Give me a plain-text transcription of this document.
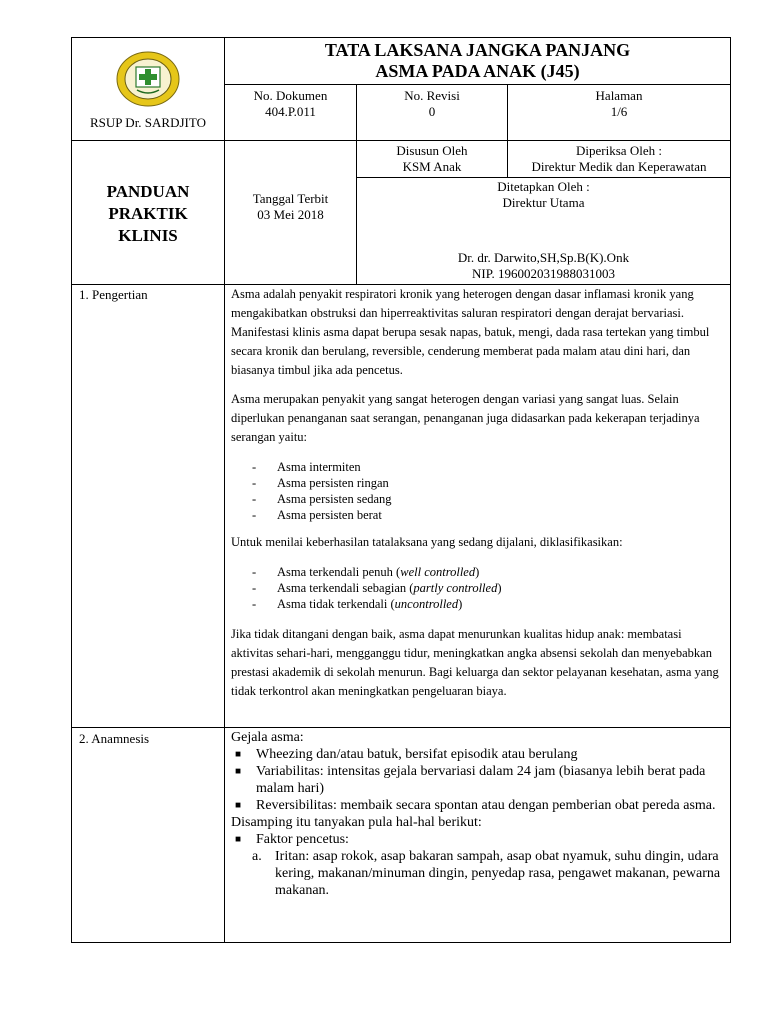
RSUP Dr. SARDJITO
TATA LAKSANA JANGKA PANJANG
ASMA PADA ANAK (J45)
No. Dokumen
404.P.011
No. Revisi
0
Halaman
1/6
PANDUAN
PRAKTIK
KLINIS
Tanggal Terbit
03 Mei 2018
Disusun Oleh
KSM Anak
Diperiksa Oleh :
Direktur Medik dan Keperawatan
Ditetapkan Oleh :
Direktur Utama
Dr. dr. Darwito,SH,Sp.B(K).Onk
NIP. 196002031988031003
1. Pengertian	Asma adalah penyakit respiratori kronik yang heterogen dengan dasar inflamasi kronik yang mengakibatkan obstruksi dan hiperreaktivitas saluran respiratori dengan derajat bervariasi. Manifestasi klinis asma dapat berupa sesak napas, batuk, mengi, dada rasa tertekan yang timbul secara kronik dan berulang, reversible, cenderung memberat pada malam atau dini hari, dan biasanya timbul jika ada pencetus.

Asma merupakan penyakit yang sangat heterogen dengan variasi yang sangat luas. Selain diperlukan penanganan saat serangan, penanganan juga didasarkan pada kekerapan terjadinya serangan yaitu:

- Asma intermiten
- Asma persisten ringan
- Asma persisten sedang
- Asma persisten berat

Untuk menilai keberhasilan tatalaksana yang sedang dijalani, diklasifikasikan:

- Asma terkendali penuh (well controlled)
- Asma terkendali sebagian (partly controlled)
- Asma tidak terkendali (uncontrolled)

Jika tidak ditangani dengan baik, asma dapat menurunkan kualitas hidup anak: membatasi aktivitas sehari-hari, mengganggu tidur, meningkatkan angka absensi sekolah dan menyebabkan prestasi akademik di sekolah menurun. Bagi keluarga dan sektor pelayanan kesehatan, asma yang tidak terkontrol akan meningkatkan pengeluaran biaya.

2. Anamnesis	Gejala asma:

■ Wheezing dan/atau batuk, bersifat episodik atau berulang
■ Variabilitas: intensitas gejala bervariasi dalam 24 jam (biasanya lebih berat pada malam hari)
■ Reversibilitas: membaik secara spontan atau dengan pemberian obat pereda asma.

Disamping itu tanyakan pula hal-hal berikut:

■ Faktor pencetus:
a. Iritan: asap rokok, asap bakaran sampah, asap obat nyamuk, suhu dingin, udara kering, makanan/minuman dingin, penyedap rasa, pengawet makanan, pewarna makanan.
